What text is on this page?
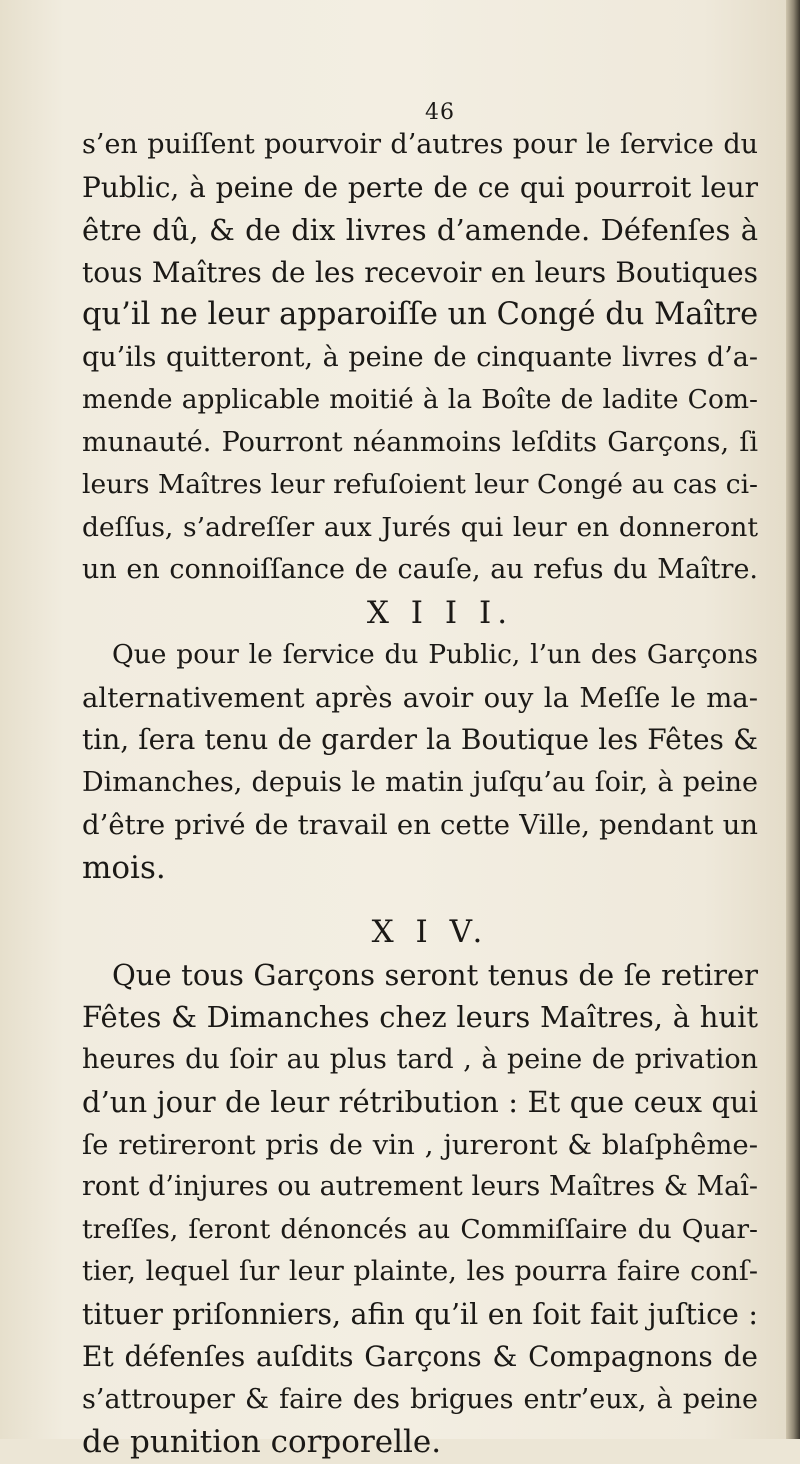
46
s’en puiſſent pourvoir d’autres pour le ſervice du
Public, à peine de perte de ce qui pourroit leur
être dû, & de dix livres d’amende. Défenſes à
tous Maîtres de les recevoir en leurs Boutiques
qu’il ne leur apparoiſſe un Congé du Maître
qu’ils quitteront, à peine de cinquante livres d’a-
mende applicable moitié à la Boîte de ladite Com-
munauté. Pourront néanmoins leſdits Garçons, ſi
leurs Maîtres leur refuſoient leur Congé au cas ci-
deſſus, s’adreſſer aux Jurés qui leur en donneront
un en connoiſſance de cauſe, au refus du Maître.
X I I I.
Que pour le ſervice du Public, l’un des Garçons
alternativement après avoir ouy la Meſſe le ma-
tin, ſera tenu de garder la Boutique les Fêtes &
Dimanches, depuis le matin juſqu’au ſoir, à peine
d’être privé de travail en cette Ville, pendant un
mois.
X I V.
Que tous Garçons seront tenus de ſe retirer
Fêtes & Dimanches chez leurs Maîtres, à huit
heures du ſoir au plus tard , à peine de privation
d’un jour de leur rétribution : Et que ceux qui
ſe retireront pris de vin , jureront & blaſphême-
ront d’injures ou autrement leurs Maîtres & Maî-
treſſes, ſeront dénoncés au Commiſſaire du Quar-
tier, lequel ſur leur plainte, les pourra faire conſ-
tituer priſonniers, afin qu’il en ſoit fait juſtice :
Et défenſes auſdits Garçons & Compagnons de
s’attrouper & faire des brigues entr’eux, à peine
de punition corporelle.
